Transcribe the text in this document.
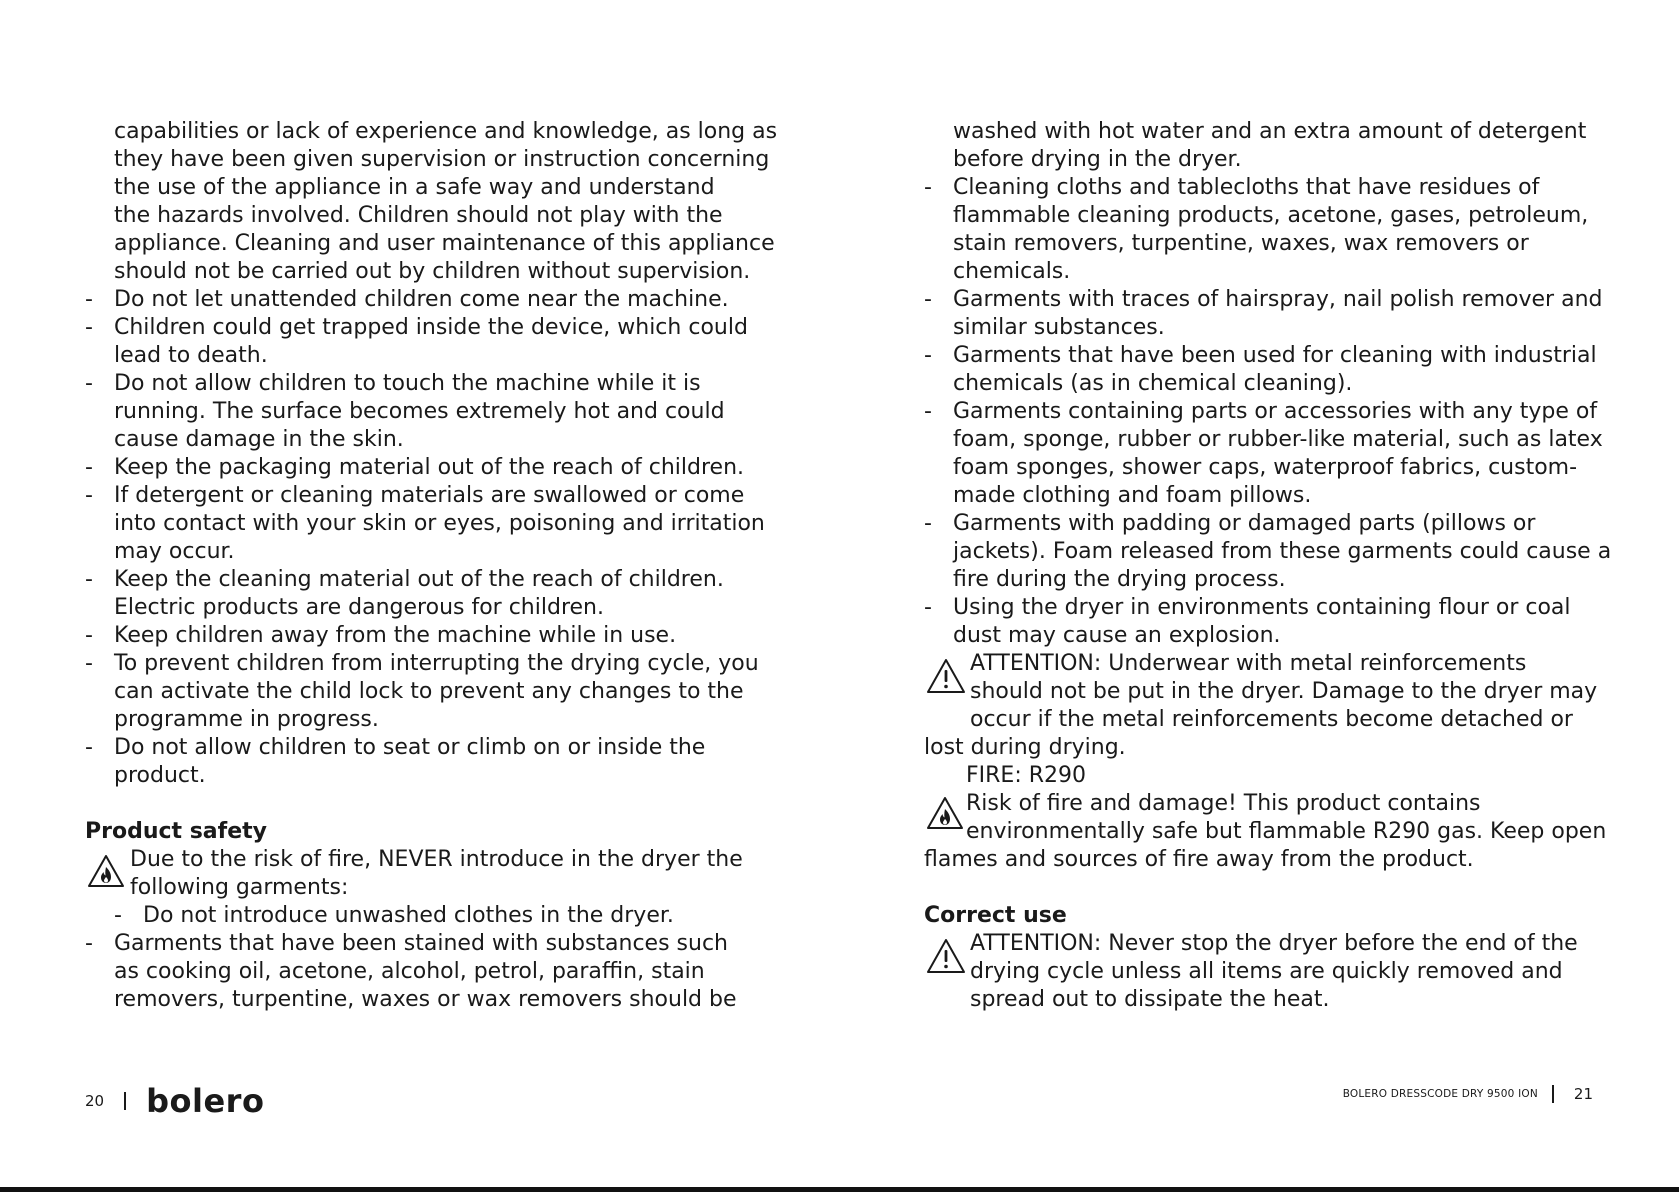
capabilities or lack of experience and knowledge, as long as

they have been given supervision or instruction concerning

the use of the appliance in a safe way and understand

the hazards involved. Children should not play with the

appliance. Cleaning and user maintenance of this appliance

should not be carried out by children without supervision.

- Do not let unattended children come near the machine.

- Children could get trapped inside the device, which could

lead to death.

- Do not allow children to touch the machine while it is

running. The surface becomes extremely hot and could

cause damage in the skin.

- Keep the packaging material out of the reach of children.

- If detergent or cleaning materials are swallowed or come

into contact with your skin or eyes, poisoning and irritation

may occur.

- Keep the cleaning material out of the reach of children.

Electric products are dangerous for children.

- Keep children away from the machine while in use.

- To prevent children from interrupting the drying cycle, you

can activate the child lock to prevent any changes to the

programme in progress.

- Do not allow children to seat or climb on or inside the

product.

Product safety

Due to the risk of fire, NEVER introduce in the dryer the

following garments:

- Do not introduce unwashed clothes in the dryer.

- Garments that have been stained with substances such

as cooking oil, acetone, alcohol, petrol, paraffin, stain

removers, turpentine, waxes or wax removers should be

washed with hot water and an extra amount of detergent

before drying in the dryer.

- Cleaning cloths and tablecloths that have residues of

flammable cleaning products, acetone, gases, petroleum,

stain removers, turpentine, waxes, wax removers or

chemicals.

- Garments with traces of hairspray, nail polish remover and

similar substances.

- Garments that have been used for cleaning with industrial

chemicals (as in chemical cleaning).

- Garments containing parts or accessories with any type of

foam, sponge, rubber or rubber-like material, such as latex

foam sponges, shower caps, waterproof fabrics, custom-

made clothing and foam pillows.

- Garments with padding or damaged parts (pillows or

jackets). Foam released from these garments could cause a

fire during the drying process.

- Using the dryer in environments containing flour or coal

dust may cause an explosion.

ATTENTION: Underwear with metal reinforcements

should not be put in the dryer. Damage to the dryer may

occur if the metal reinforcements become detached or

lost during drying.

FIRE: R290

Risk of fire and damage! This product contains

environmentally safe but flammable R290 gas. Keep open

flames and sources of fire away from the product.

Correct use

ATTENTION: Never stop the dryer before the end of the

drying cycle unless all items are quickly removed and

spread out to dissipate the heat.

20 bolero	BOLERO DRESSCODE DRY 9500 ION 21
